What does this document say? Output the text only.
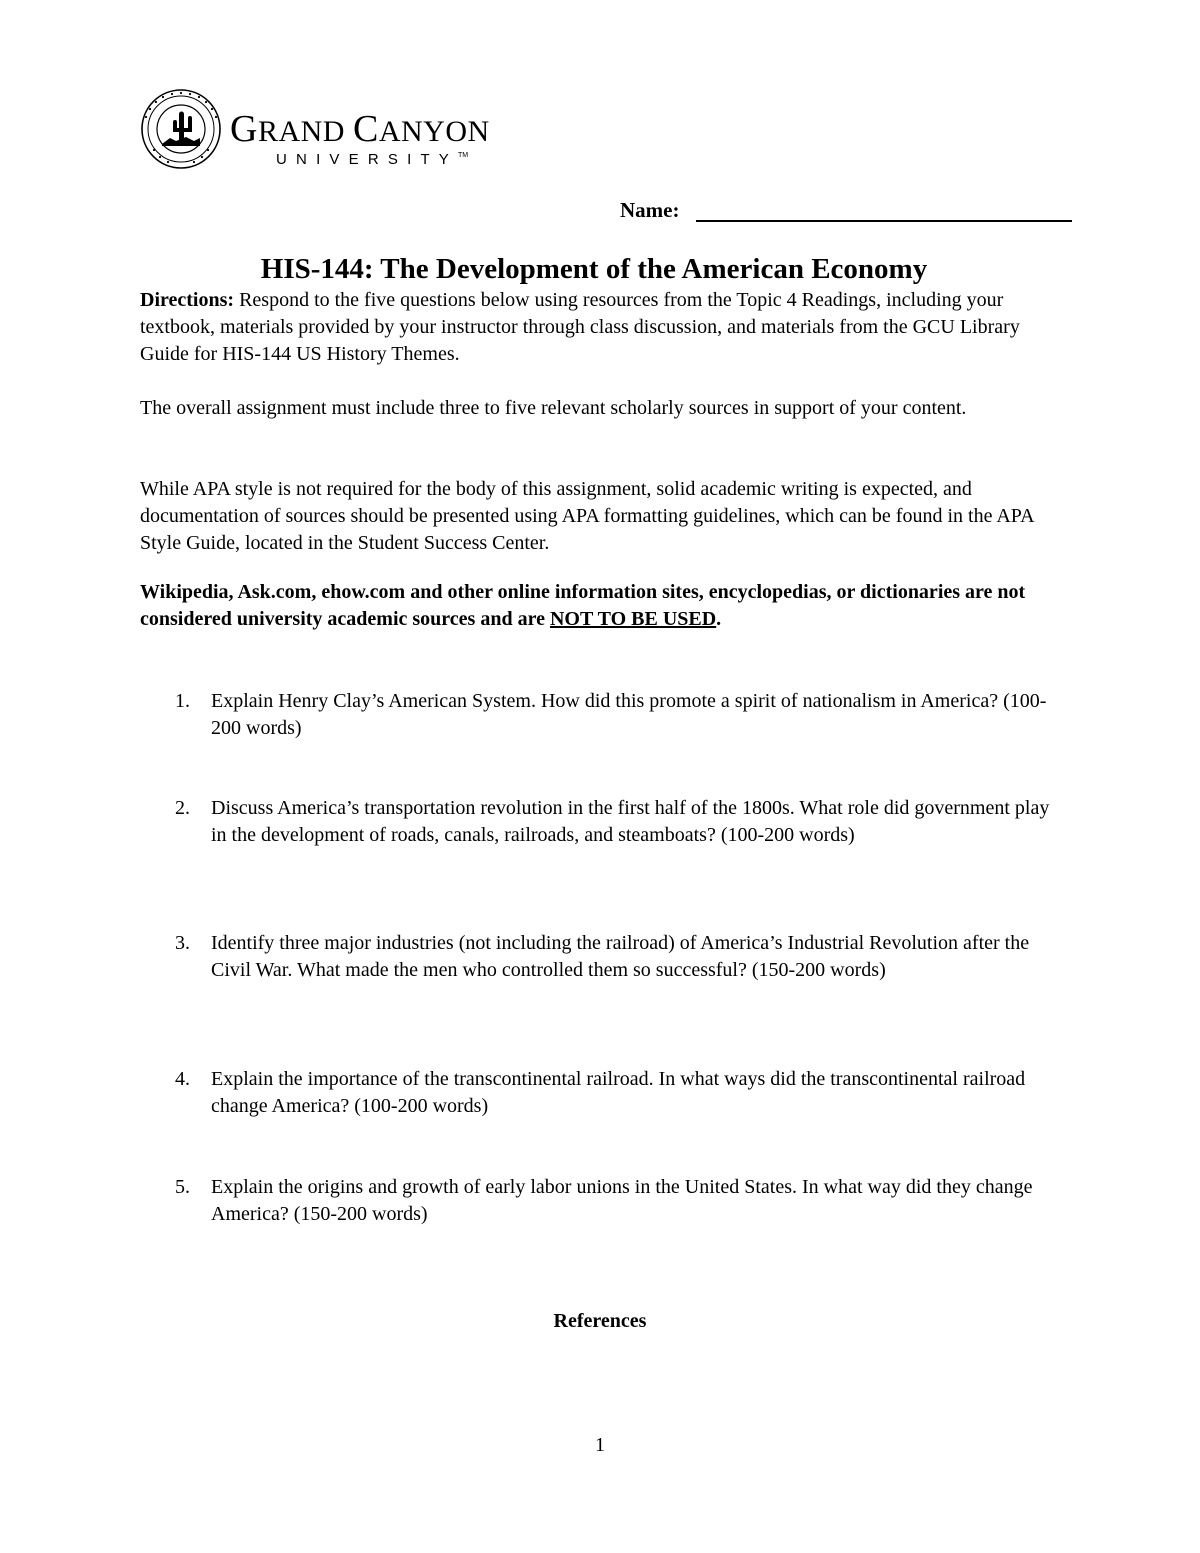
GRAND CANYON
UNIVERSITY™
Name:
HIS-144: The Development of the American Economy
Directions: Respond to the five questions below using resources from the Topic 4 Readings, including your textbook, materials provided by your instructor through class discussion, and materials from the GCU Library Guide for HIS-144 US History Themes.
The overall assignment must include three to five relevant scholarly sources in support of your content.
While APA style is not required for the body of this assignment, solid academic writing is expected, and documentation of sources should be presented using APA formatting guidelines, which can be found in the APA Style Guide, located in the Student Success Center.
Wikipedia, Ask.com, ehow.com and other online information sites, encyclopedias, or dictionaries are not considered university academic sources and are NOT TO BE USED.
1. Explain Henry Clay’s American System. How did this promote a spirit of nationalism in America? (100-200 words)
2. Discuss America’s transportation revolution in the first half of the 1800s. What role did government play in the development of roads, canals, railroads, and steamboats? (100-200 words)
3. Identify three major industries (not including the railroad) of America’s Industrial Revolution after the Civil War. What made the men who controlled them so successful? (150-200 words)
4. Explain the importance of the transcontinental railroad. In what ways did the transcontinental railroad change America? (100-200 words)
5. Explain the origins and growth of early labor unions in the United States. In what way did they change America? (150-200 words)
References
1
